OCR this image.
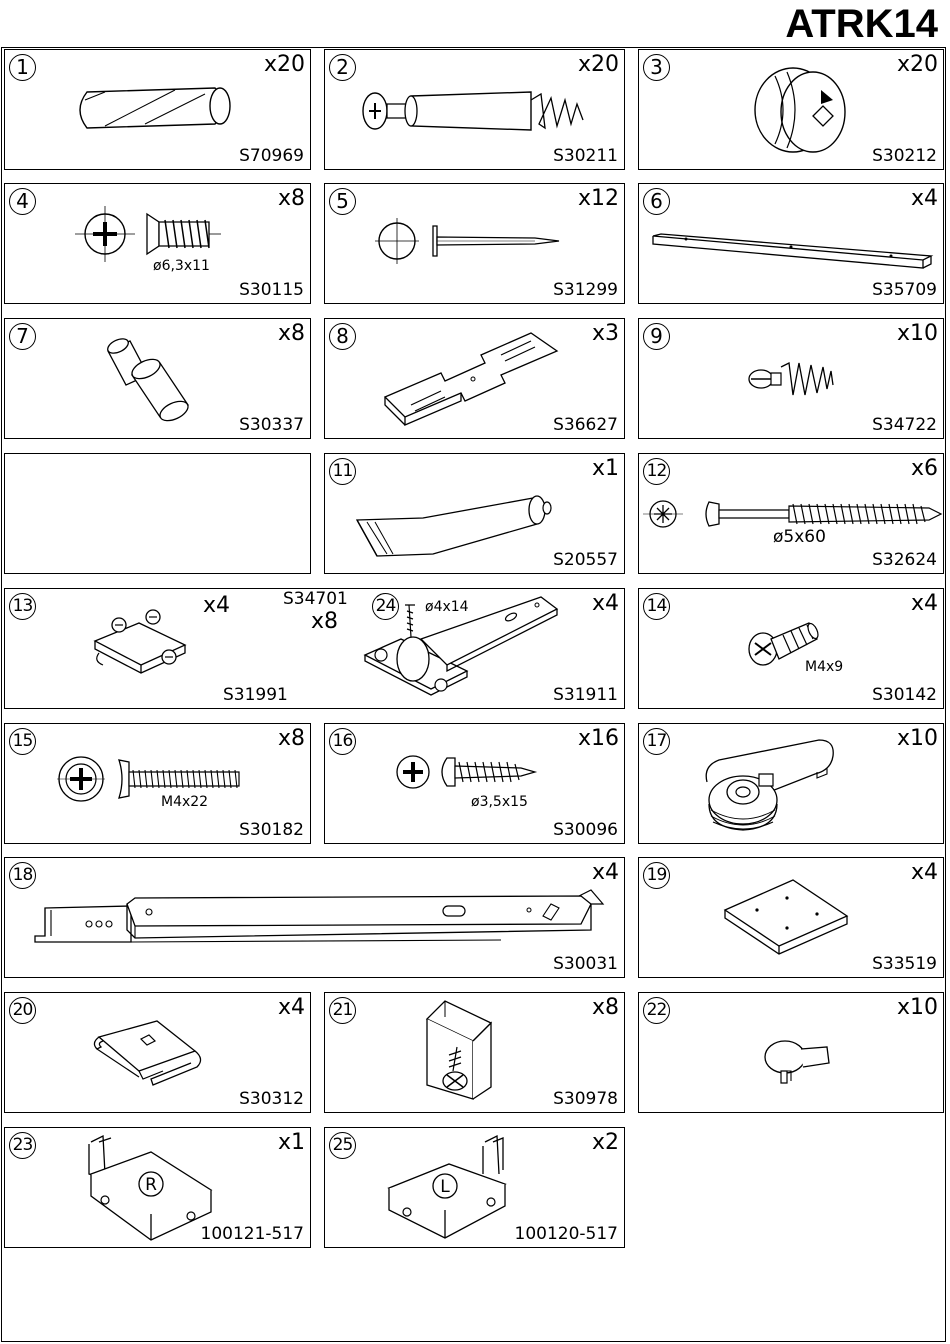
ATRK14
1	x20
S70969
2	x20
S30211
3	x20
S30212
4	x8
S30115
ø6,3x11
5	x12
S31299
6	x4
S35709
7	x8
S30337
8	x3
S36627
9	x10
S34722
11	x1
S20557
12	x6
S32624
ø5x60
13	x4
S31991
S34701
x8
24 ø4x14	x4
S31911
14	x4
S30142
M4x9
15	x8
S30182
M4x22
16	x16
S30096
ø3,5x15
17	x10
18	x4
S30031
19	x4
S33519
20	x4
S30312
21	x8
S30978
22	x10
23	x1
100121-517
R
25	x2
100120-517
L
